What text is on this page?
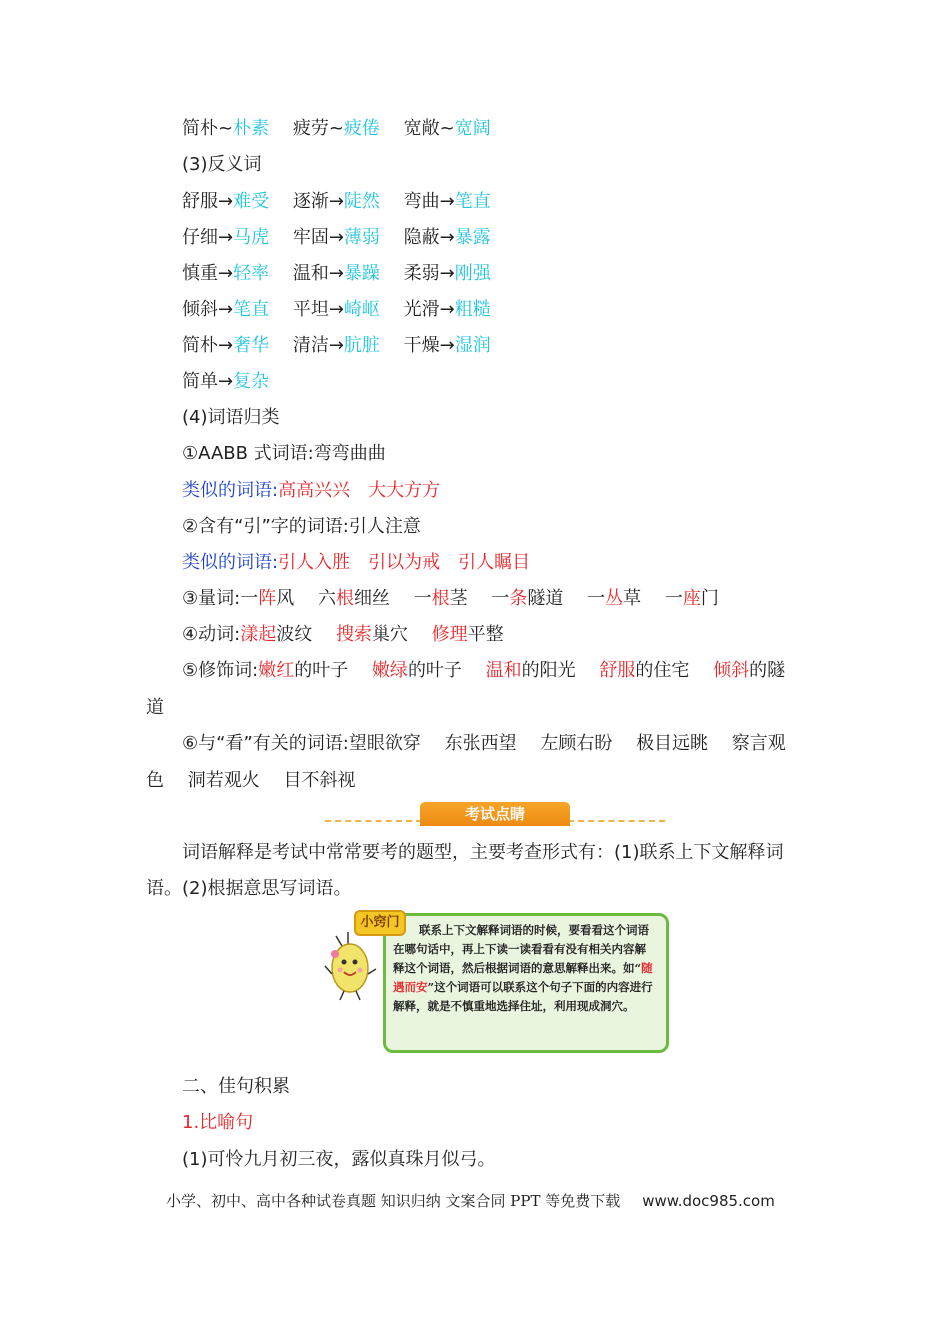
简朴~朴素 疲劳~疲倦 宽敞~宽阔
(3)反义词
舒服→难受 逐渐→陡然 弯曲→笔直
仔细→马虎 牢固→薄弱 隐蔽→暴露
慎重→轻率 温和→暴躁 柔弱→刚强
倾斜→笔直 平坦→崎岖 光滑→粗糙
简朴→奢华 清洁→肮脏 干燥→湿润
简单→复杂
(4)词语归类
①AABB 式词语:弯弯曲曲
类似的词语:高高兴兴 大大方方
②含有“引”字的词语:引人注意
类似的词语:引人入胜 引以为戒 引人瞩目
③量词:一阵风 六根细丝 一根茎 一条隧道 一丛草 一座门
④动词:漾起波纹 搜索巢穴 修理平整
⑤修饰词:嫩红的叶子 嫩绿的叶子 温和的阳光 舒服的住宅 倾斜的隧
道
⑥与“看”有关的词语:望眼欲穿 东张西望 左顾右盼 极目远眺 察言观
色 洞若观火 目不斜视
考试点睛
词语解释是考试中常常要考的题型，主要考查形式有：(1)联系上下文解释词
语。(2)根据意思写词语。
小窍门	联系上下文解释词语的时候，要看看这个词语在哪句话中，再上下读一读看看有没有相关内容解释这个词语，然后根据词语的意思解释出来。如“随遇而安”这个词语可以联系这个句子下面的内容进行解释，就是不慎重地选择住址，利用现成洞穴。
二、佳句积累
1.比喻句
(1)可怜九月初三夜，露似真珠月似弓。
小学、初中、高中各种试卷真题 知识归纳 文案合同 PPT 等免费下载 www.doc985.com
